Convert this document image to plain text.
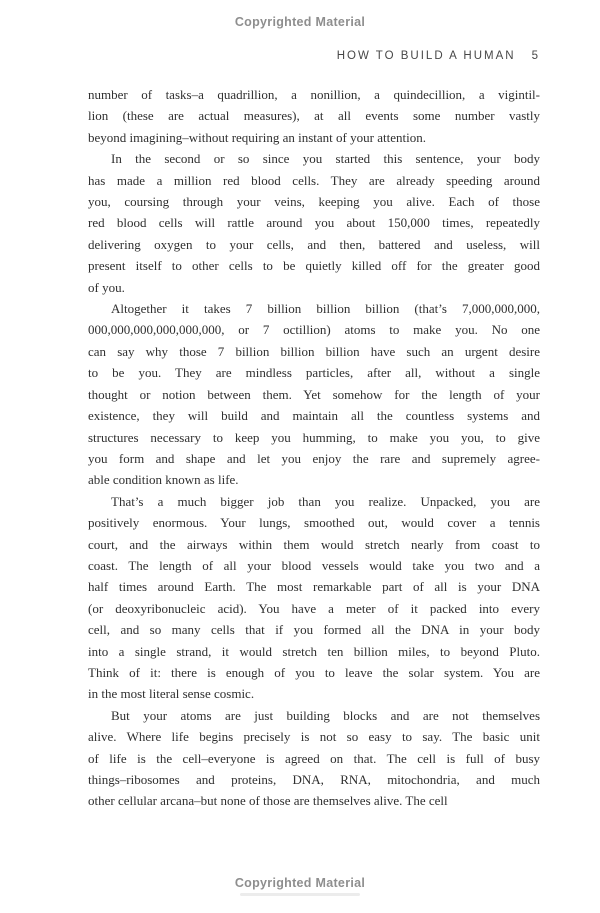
Copyrighted Material
HOW TO BUILD A HUMAN 5
number of tasks–a quadrillion, a nonillion, a quindecillion, a vigintil-
lion (these are actual measures), at all events some number vastly
beyond imagining–without requiring an instant of your attention.
In the second or so since you started this sentence, your body
has made a million red blood cells. They are already speeding around
you, coursing through your veins, keeping you alive. Each of those
red blood cells will rattle around you about 150,000 times, repeatedly
delivering oxygen to your cells, and then, battered and useless, will
present itself to other cells to be quietly killed off for the greater good
of you.
Altogether it takes 7 billion billion billion (that’s 7,000,000,000,
000,000,000,000,000,000, or 7 octillion) atoms to make you. No one
can say why those 7 billion billion billion have such an urgent desire
to be you. They are mindless particles, after all, without a single
thought or notion between them. Yet somehow for the length of your
existence, they will build and maintain all the countless systems and
structures necessary to keep you humming, to make you you, to give
you form and shape and let you enjoy the rare and supremely agree-
able condition known as life.
That’s a much bigger job than you realize. Unpacked, you are
positively enormous. Your lungs, smoothed out, would cover a tennis
court, and the airways within them would stretch nearly from coast to
coast. The length of all your blood vessels would take you two and a
half times around Earth. The most remarkable part of all is your DNA
(or deoxyribonucleic acid). You have a meter of it packed into every
cell, and so many cells that if you formed all the DNA in your body
into a single strand, it would stretch ten billion miles, to beyond Pluto.
Think of it: there is enough of you to leave the solar system. You are
in the most literal sense cosmic.
But your atoms are just building blocks and are not themselves
alive. Where life begins precisely is not so easy to say. The basic unit
of life is the cell–everyone is agreed on that. The cell is full of busy
things–ribosomes and proteins, DNA, RNA, mitochondria, and much
other cellular arcana–but none of those are themselves alive. The cell
Copyrighted Material
